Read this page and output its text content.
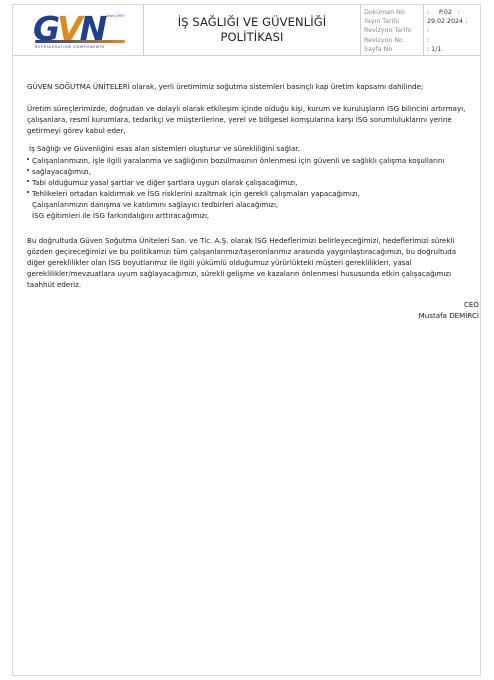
GVN since 1997
REFRIGERATION COMPONENTS
İŞ SAĞLIĞI VE GÜVENLİĞİ
POLİTİKASI
Doküman No
Yayın Tarihi
Revizyon Tarihi
Revizyon No
Sayfa No
: P.02   :
29.02.2024 :
:
:
: 1/1
GÜVEN SOĞUTMA ÜNİTELERİ olarak, yerli üretimimiz soğutma sistemleri basınçlı kap üretim kapsamı dahilinde;
Üretim süreçlerimizde, doğrudan ve dolaylı olarak etkileşim içinde olduğu kişi, kurum ve kuruluşların İSG bilincini artırmayı, çalışanlara, resmî kurumlara, tedarikçi ve müşterilerine, yerel ve bölgesel komşularına karşı İSG sorumluluklarını yerine getirmeyi görev kabul eder,
İş Sağlığı ve Güvenliğini esas alan sistemleri oluşturur ve sürekliliğini sağlar.
Çalışanlarımızın, işle ilgili yaralanma ve sağlığının bozulmasının önlenmesi için güvenli ve sağlıklı çalışma koşullarını sağlayacağımızı,
Tabi olduğumuz yasal şartlar ve diğer şartlara uygun olarak çalışacağımızı,
Tehlikeleri ortadan kaldırmak ve İSG risklerini azaltmak için gerekli çalışmaları yapacağımızı,
Çalışanlarımızın danışma ve katılımını sağlayıcı tedbirleri alacağımızı,
İSG eğitimleri ile İSG farkındalığını arttıracağımızı,
Bu doğrultuda Güven Soğutma Üniteleri San. ve Tic. A.Ş. olarak İSG Hedeflerimizi belirleyeceğimizi, hedeflerimizi sürekli gözden geçireceğimizi ve bu politikamızı tüm çalışanlarımız/taşeronlarımız arasında yaygınlaştıracağımızı, bu doğrultuda diğer gereklilikler olan İSG boyutlarımız ile ilgili yükümlü olduğumuz yürürlükteki müşteri gereklilikleri, yasal gereklilikler/mevzuatlara uyum sağlayacağımızı, sürekli gelişme ve kazaların önlenmesi hususunda etkin çalışacağımızı taahhüt ederiz.
CEO
Mustafa DEMİRCİ
